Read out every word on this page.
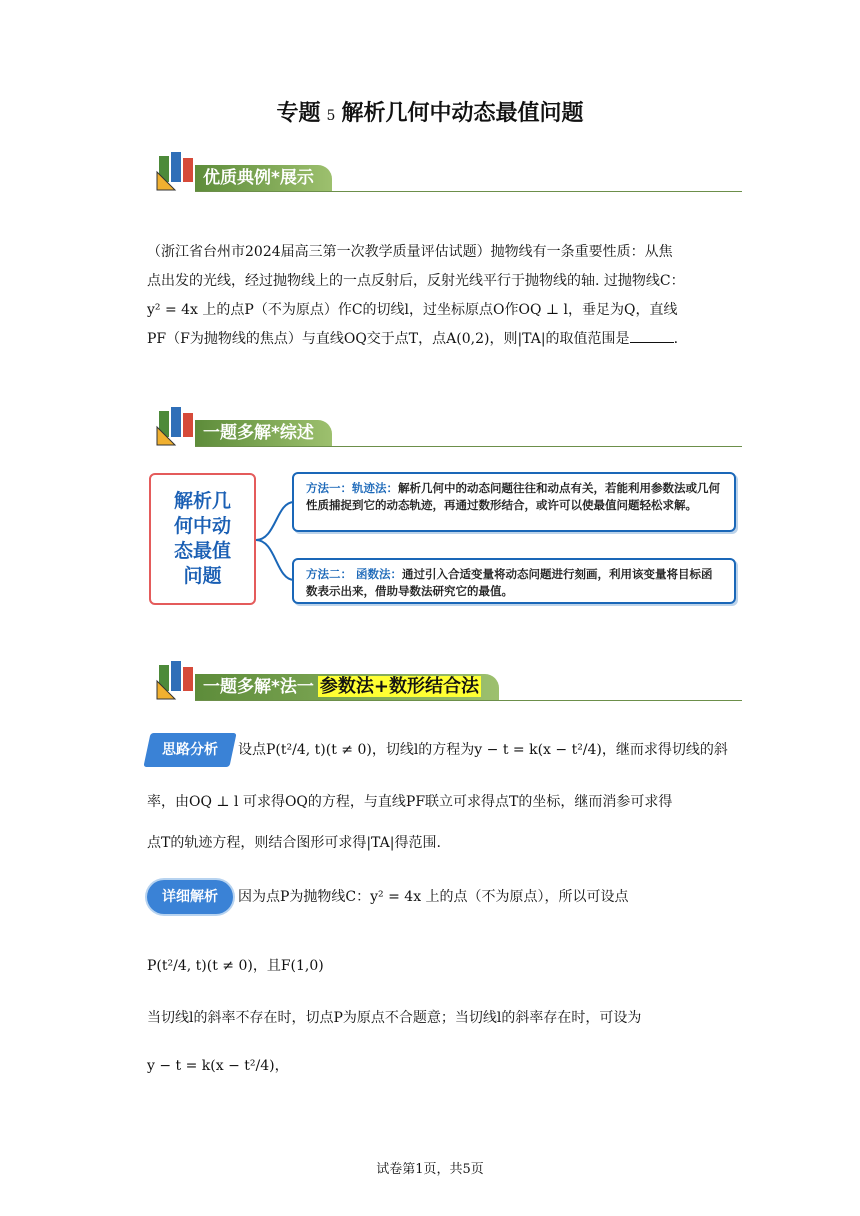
专题 5 解析几何中动态最值问题
优质典例*展示

（浙江省台州市2024届高三第一次教学质量评估试题）抛物线有一条重要性质：从焦

点出发的光线，经过抛物线上的一点反射后，反射光线平行于抛物线的轴. 过抛物线C：

y² = 4x 上的点P（不为原点）作C的切线l，过坐标原点O作OQ ⊥ l，垂足为Q，直线

PF（F为抛物线的焦点）与直线OQ交于点T，点A(0,2)，则|TA|的取值范围是	.

一题多解*综述
解析几
何中动
态最值
问题
方法一：轨迹法：解析几何中的动态问题往往和动点有关，若能利用参数法或几何性质捕捉到它的动态轨迹，再通过数形结合，或许可以使最值问题轻松求解。
方法二： 函数法：通过引入合适变量将动态问题进行刻画，利用该变量将目标函数表示出来，借助导数法研究它的最值。
一题多解*法一 参数法+数形结合法
思路分析	设点P(t²/4, t)(t ≠ 0)，切线l的方程为y − t = k(x − t²/4)，继而求得切线的斜

率，由OQ ⊥ l 可求得OQ的方程，与直线PF联立可求得点T的坐标，继而消参可求得

点T的轨迹方程，则结合图形可求得|TA|得范围.

详细解析	因为点P为抛物线C：y² = 4x 上的点（不为原点），所以可设点
P(t²/4, t)(t ≠ 0)，且F(1,0)
当切线l的斜率不存在时，切点P为原点不合题意；当切线l的斜率存在时，可设为
y − t = k(x − t²/4)，
试卷第1页，共5页
